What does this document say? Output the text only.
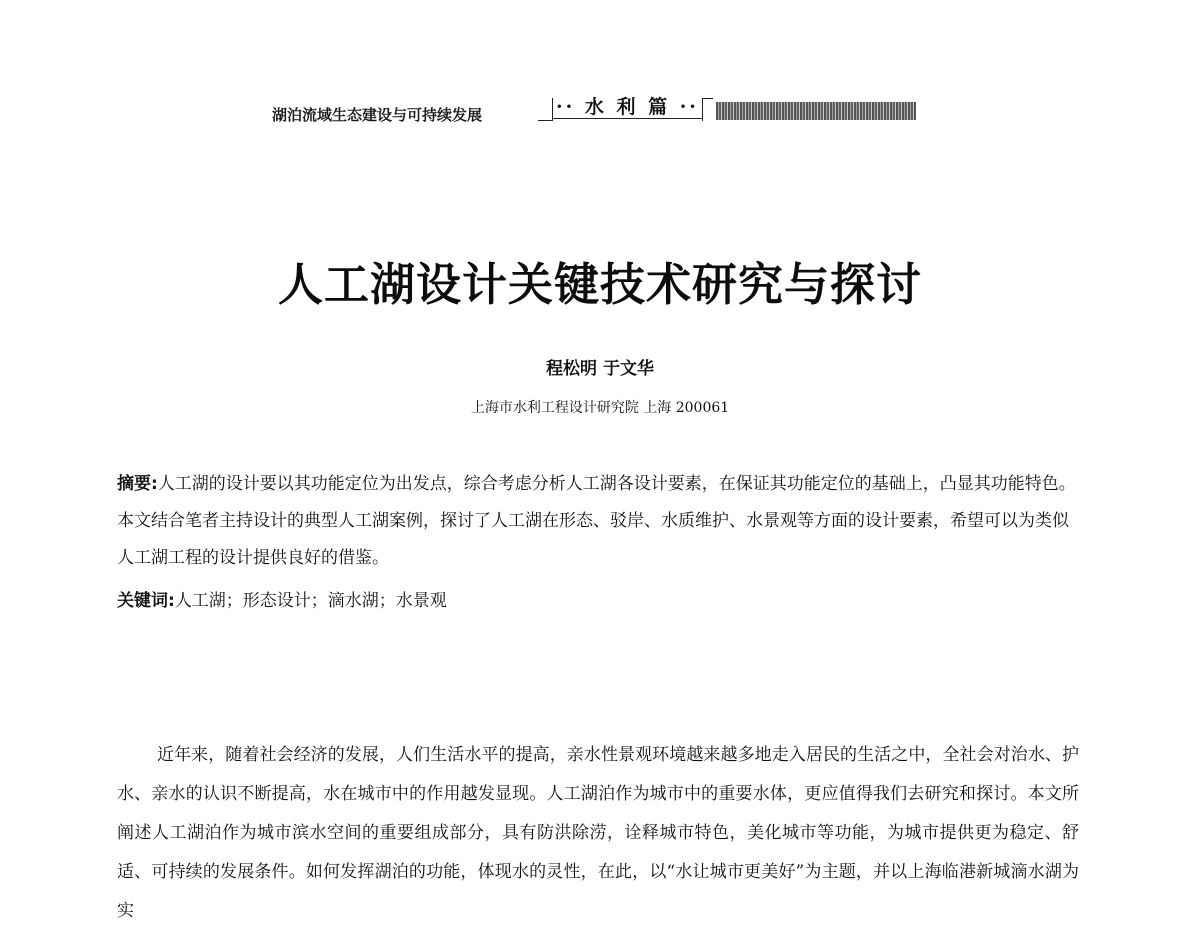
湖泊流域生态建设与可持续发展	·· 水 利 篇 ··
人工湖设计关键技术研究与探讨
程松明 于文华
上海市水利工程设计研究院 上海 200061
摘要:人工湖的设计要以其功能定位为出发点，综合考虑分析人工湖各设计要素，在保证其功能定位的基础上，凸显其功能特色。本文结合笔者主持设计的典型人工湖案例，探讨了人工湖在形态、驳岸、水质维护、水景观等方面的设计要素，希望可以为类似人工湖工程的设计提供良好的借鉴。
关键词:人工湖；形态设计；滴水湖；水景观
近年来，随着社会经济的发展，人们生活水平的提高，亲水性景观环境越来越多地走入居民的生活之中，全社会对治水、护水、亲水的认识不断提高，水在城市中的作用越发显现。人工湖泊作为城市中的重要水体，更应值得我们去研究和探讨。本文所阐述人工湖泊作为城市滨水空间的重要组成部分，具有防洪除涝，诠释城市特色，美化城市等功能，为城市提供更为稳定、舒适、可持续的发展条件。如何发挥湖泊的功能，体现水的灵性，在此，以“水让城市更美好”为主题，并以上海临港新城滴水湖为实
